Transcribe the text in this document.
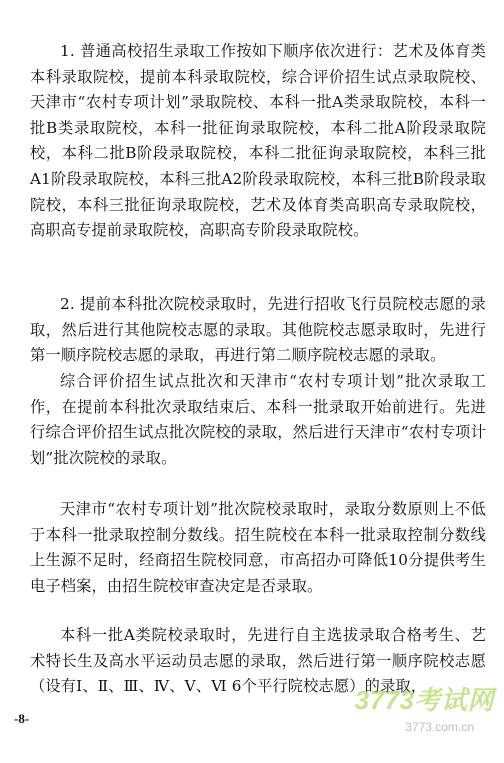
1. 普通高校招生录取工作按如下顺序依次进行：艺术及体育类本科录取院校，提前本科录取院校，综合评价招生试点录取院校、天津市“农村专项计划”录取院校、本科一批A类录取院校，本科一批B类录取院校，本科一批征询录取院校，本科二批A阶段录取院校，本科二批B阶段录取院校，本科二批征询录取院校，本科三批A1阶段录取院校，本科三批A2阶段录取院校，本科三批B阶段录取院校，本科三批征询录取院校，艺术及体育类高职高专录取院校，高职高专提前录取院校，高职高专阶段录取院校。

2. 提前本科批次院校录取时，先进行招收飞行员院校志愿的录取，然后进行其他院校志愿的录取。其他院校志愿录取时，先进行第一顺序院校志愿的录取，再进行第二顺序院校志愿的录取。

综合评价招生试点批次和天津市“农村专项计划”批次录取工作，在提前本科批次录取结束后、本科一批录取开始前进行。先进行综合评价招生试点批次院校的录取，然后进行天津市“农村专项计划”批次院校的录取。

天津市“农村专项计划”批次院校录取时，录取分数原则上不低于本科一批录取控制分数线。招生院校在本科一批录取控制分数线上生源不足时，经商招生院校同意，市高招办可降低10分提供考生电子档案，由招生院校审查决定是否录取。

本科一批A类院校录取时，先进行自主选拔录取合格考生、艺术特长生及高水平运动员志愿的录取，然后进行第一顺序院校志愿（设有Ⅰ、Ⅱ、Ⅲ、Ⅳ、Ⅴ、Ⅵ 6个平行院校志愿）的录取，

-8-
3773考试网
3773.com.cn
